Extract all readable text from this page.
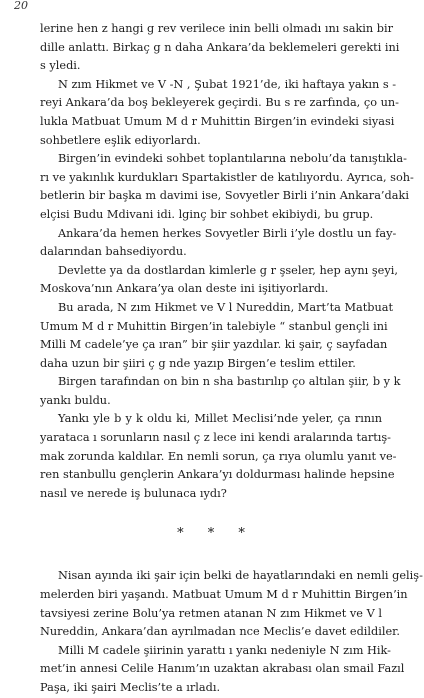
20

lerine hen z hangi g rev verilece inin belli olmadı ını sakin bir
dille anlattı. Birkaç g n daha Ankara’da beklemeleri gerekti ini
s yledi.

N zım Hikmet ve V -N , Şubat 1921’de, iki haftaya yakın s -
reyi Ankara’da boş bekleyerek geçirdi. Bu s re zarfında, ço un-
lukla Matbuat Umum M d r Muhittin Birgen’in evindeki siyasi
sohbetlere eşlik ediyorlardı.

Birgen’in evindeki sohbet toplantılarına nebolu’da tanıştıkla-
rı ve yakınlık kurdukları Spartakistler de katılıyordu. Ayrıca, soh-
betlerin bir başka m davimi ise, Sovyetler Birli i’nin Ankara’daki
elçisi Budu Mdivani idi. lginç bir sohbet ekibiydi, bu grup.

Ankara’da hemen herkes Sovyetler Birli i’yle dostlu un fay-
dalarından bahsediyordu.

Devlette ya da dostlardan kimlerle g r şseler, hep aynı şeyi,
Moskova’nın Ankara’ya olan deste ini işitiyorlardı.

Bu arada, N zım Hikmet ve V l Nureddin, Mart’ta Matbuat
Umum M d r Muhittin Birgen’in talebiyle “ stanbul gençli ini
Milli M cadele’ye ça ıran” bir şiir yazdılar. ki şair, ç sayfadan
daha uzun bir şiiri ç g nde yazıp Birgen’e teslim ettiler.

Birgen tarafından on bin n sha bastırılıp ço altılan şiir, b y k
yankı buldu.

Yankı yle b y k oldu ki, Millet Meclisi’nde yeler, ça rının
yarataca ı sorunların nasıl ç z lece ini kendi aralarında tartış-
mak zorunda kaldılar. En nemli sorun, ça rıya olumlu yanıt ve-
ren stanbullu gençlerin Ankara’yı doldurması halinde hepsine
nasıl ve nerede iş bulunaca ıydı?

* * *

Nisan ayında iki şair için belki de hayatlarındaki en nemli geliş-
melerden biri yaşandı. Matbuat Umum M d r Muhittin Birgen’in
tavsiyesi zerine Bolu’ya retmen atanan N zım Hikmet ve V l
Nureddin, Ankara’dan ayrılmadan nce Meclis’e davet edildiler.

Milli M cadele şiirinin yarattı ı yankı nedeniyle N zım Hik-
met’in annesi Celile Hanım’ın uzaktan akrabası olan smail Fazıl
Paşa, iki şairi Meclis’te a ırladı.
